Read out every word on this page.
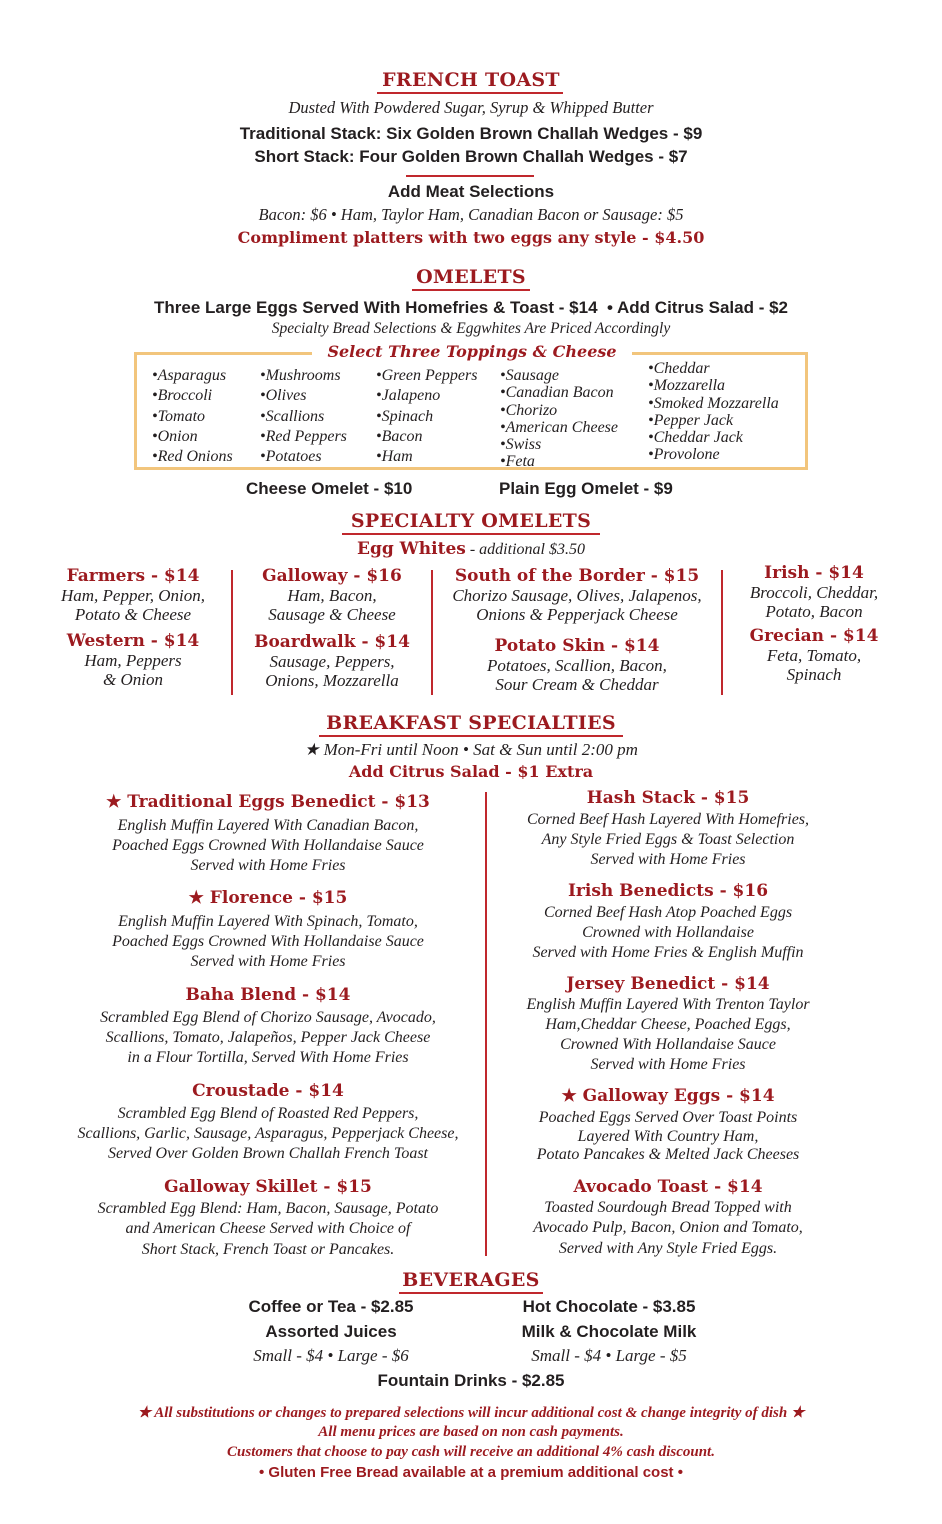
FRENCH TOAST
Dusted With Powdered Sugar, Syrup & Whipped Butter
Traditional Stack: Six Golden Brown Challah Wedges - $9
Short Stack: Four Golden Brown Challah Wedges - $7
Add Meat Selections
Bacon: $6 • Ham, Taylor Ham, Canadian Bacon or Sausage: $5
Compliment platters with two eggs any style - $4.50
OMELETS
Three Large Eggs Served With Homefries & Toast - $14  • Add Citrus Salad - $2
Specialty Bread Selections & Eggwhites Are Priced Accordingly
Select Three Toppings & Cheese
•Asparagus
•Broccoli
•Tomato
•Onion
•Red Onions
•Mushrooms
•Olives
•Scallions
•Red Peppers
•Potatoes
•Green Peppers
•Jalapeno
•Spinach
•Bacon
•Ham
•Sausage
•Canadian Bacon
•Chorizo
•American Cheese
•Swiss
•Feta
•Cheddar
•Mozzarella
•Smoked Mozzarella
•Pepper Jack
•Cheddar Jack
•Provolone
Cheese Omelet - $10	Plain Egg Omelet - $9
SPECIALTY OMELETS
Egg Whites - additional $3.50
Farmers - $14
Ham, Pepper, Onion,
Potato & Cheese
Western - $14
Ham, Peppers
& Onion
Galloway - $16
Ham, Bacon,
Sausage & Cheese
Boardwalk - $14
Sausage, Peppers,
Onions, Mozzarella
South of the Border - $15
Chorizo Sausage, Olives, Jalapenos,
Onions & Pepperjack Cheese
Potato Skin - $14
Potatoes, Scallion, Bacon,
Sour Cream & Cheddar
Irish - $14
Broccoli, Cheddar,
Potato, Bacon
Grecian - $14
Feta, Tomato,
Spinach
BREAKFAST SPECIALTIES
★ Mon-Fri until Noon • Sat & Sun until 2:00 pm
Add Citrus Salad - $1 Extra
★ Traditional Eggs Benedict - $13
English Muffin Layered With Canadian Bacon,
Poached Eggs Crowned With Hollandaise Sauce
Served with Home Fries
★ Florence - $15
English Muffin Layered With Spinach, Tomato,
Poached Eggs Crowned With Hollandaise Sauce
Served with Home Fries
Baha Blend - $14
Scrambled Egg Blend of Chorizo Sausage, Avocado,
Scallions, Tomato, Jalapeños, Pepper Jack Cheese
in a Flour Tortilla, Served With Home Fries
Croustade - $14
Scrambled Egg Blend of Roasted Red Peppers,
Scallions, Garlic, Sausage, Asparagus, Pepperjack Cheese,
Served Over Golden Brown Challah French Toast
Galloway Skillet - $15
Scrambled Egg Blend: Ham, Bacon, Sausage, Potato
and American Cheese Served with Choice of
Short Stack, French Toast or Pancakes.
Hash Stack - $15
Corned Beef Hash Layered With Homefries,
Any Style Fried Eggs & Toast Selection
Served with Home Fries
Irish Benedicts - $16
Corned Beef Hash Atop Poached Eggs
Crowned with Hollandaise
Served with Home Fries & English Muffin
Jersey Benedict - $14
English Muffin Layered With Trenton Taylor
Ham,Cheddar Cheese, Poached Eggs,
Crowned With Hollandaise Sauce
Served with Home Fries
★ Galloway Eggs - $14
Poached Eggs Served Over Toast Points
Layered With Country Ham,
Potato Pancakes & Melted Jack Cheeses
Avocado Toast - $14
Toasted Sourdough Bread Topped with
Avocado Pulp, Bacon, Onion and Tomato,
Served with Any Style Fried Eggs.
BEVERAGES
Coffee or Tea - $2.85
Assorted Juices
Small - $4 • Large - $6
Hot Chocolate - $3.85
Milk & Chocolate Milk
Small - $4 • Large - $5
Fountain Drinks - $2.85
★ All substitutions or changes to prepared selections will incur additional cost & change integrity of dish ★
All menu prices are based on non cash payments.
Customers that choose to pay cash will receive an additional 4% cash discount.
• Gluten Free Bread available at a premium additional cost •
